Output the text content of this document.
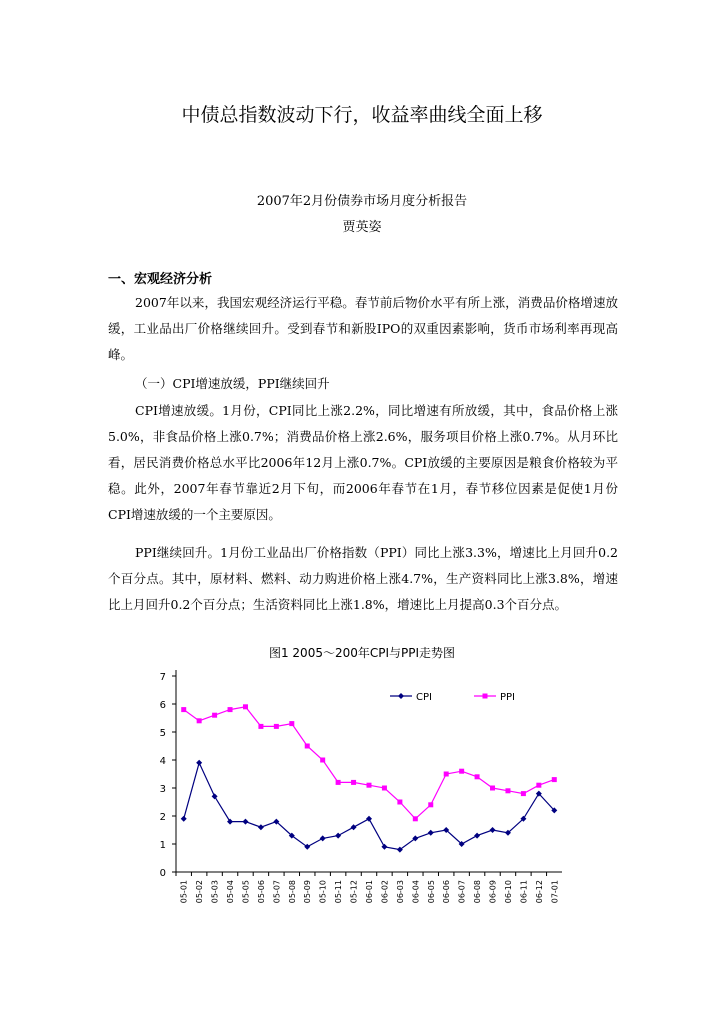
中债总指数波动下行，收益率曲线全面上移
2007年2月份债券市场月度分析报告
贾英姿
一、宏观经济分析

2007年以来，我国宏观经济运行平稳。春节前后物价水平有所上涨，消费品价格增速放缓，工业品出厂价格继续回升。受到春节和新股IPO的双重因素影响，货币市场利率再现高峰。

（一）CPI增速放缓，PPI继续回升

CPI增速放缓。1月份，CPI同比上涨2.2%，同比增速有所放缓，其中，食品价格上涨5.0%，非食品价格上涨0.7%；消费品价格上涨2.6%，服务项目价格上涨0.7%。从月环比看，居民消费价格总水平比2006年12月上涨0.7%。CPI放缓的主要原因是粮食价格较为平稳。此外，2007年春节靠近2月下旬，而2006年春节在1月，春节移位因素是促使1月份CPI增速放缓的一个主要原因。

PPI继续回升。1月份工业品出厂价格指数（PPI）同比上涨3.3%，增速比上月回升0.2个百分点。其中，原材料、燃料、动力购进价格上涨4.7%，生产资料同比上涨3.8%，增速比上月回升0.2个百分点；生活资料同比上涨1.8%，增速比上月提高0.3个百分点。

图1 2005～200年CPI与PPI走势图
0
1
2
3
4
5
6
7
05-01 05-02 05-03 05-04 05-05 05-06 05-07 05-08 05-09 05-10 05-11 05-12 06-01 06-02 06-03 06-04 06-05 06-06 06-07 06-08 06-09 06-10 06-11 06-12 07-01
CPI	PPI
